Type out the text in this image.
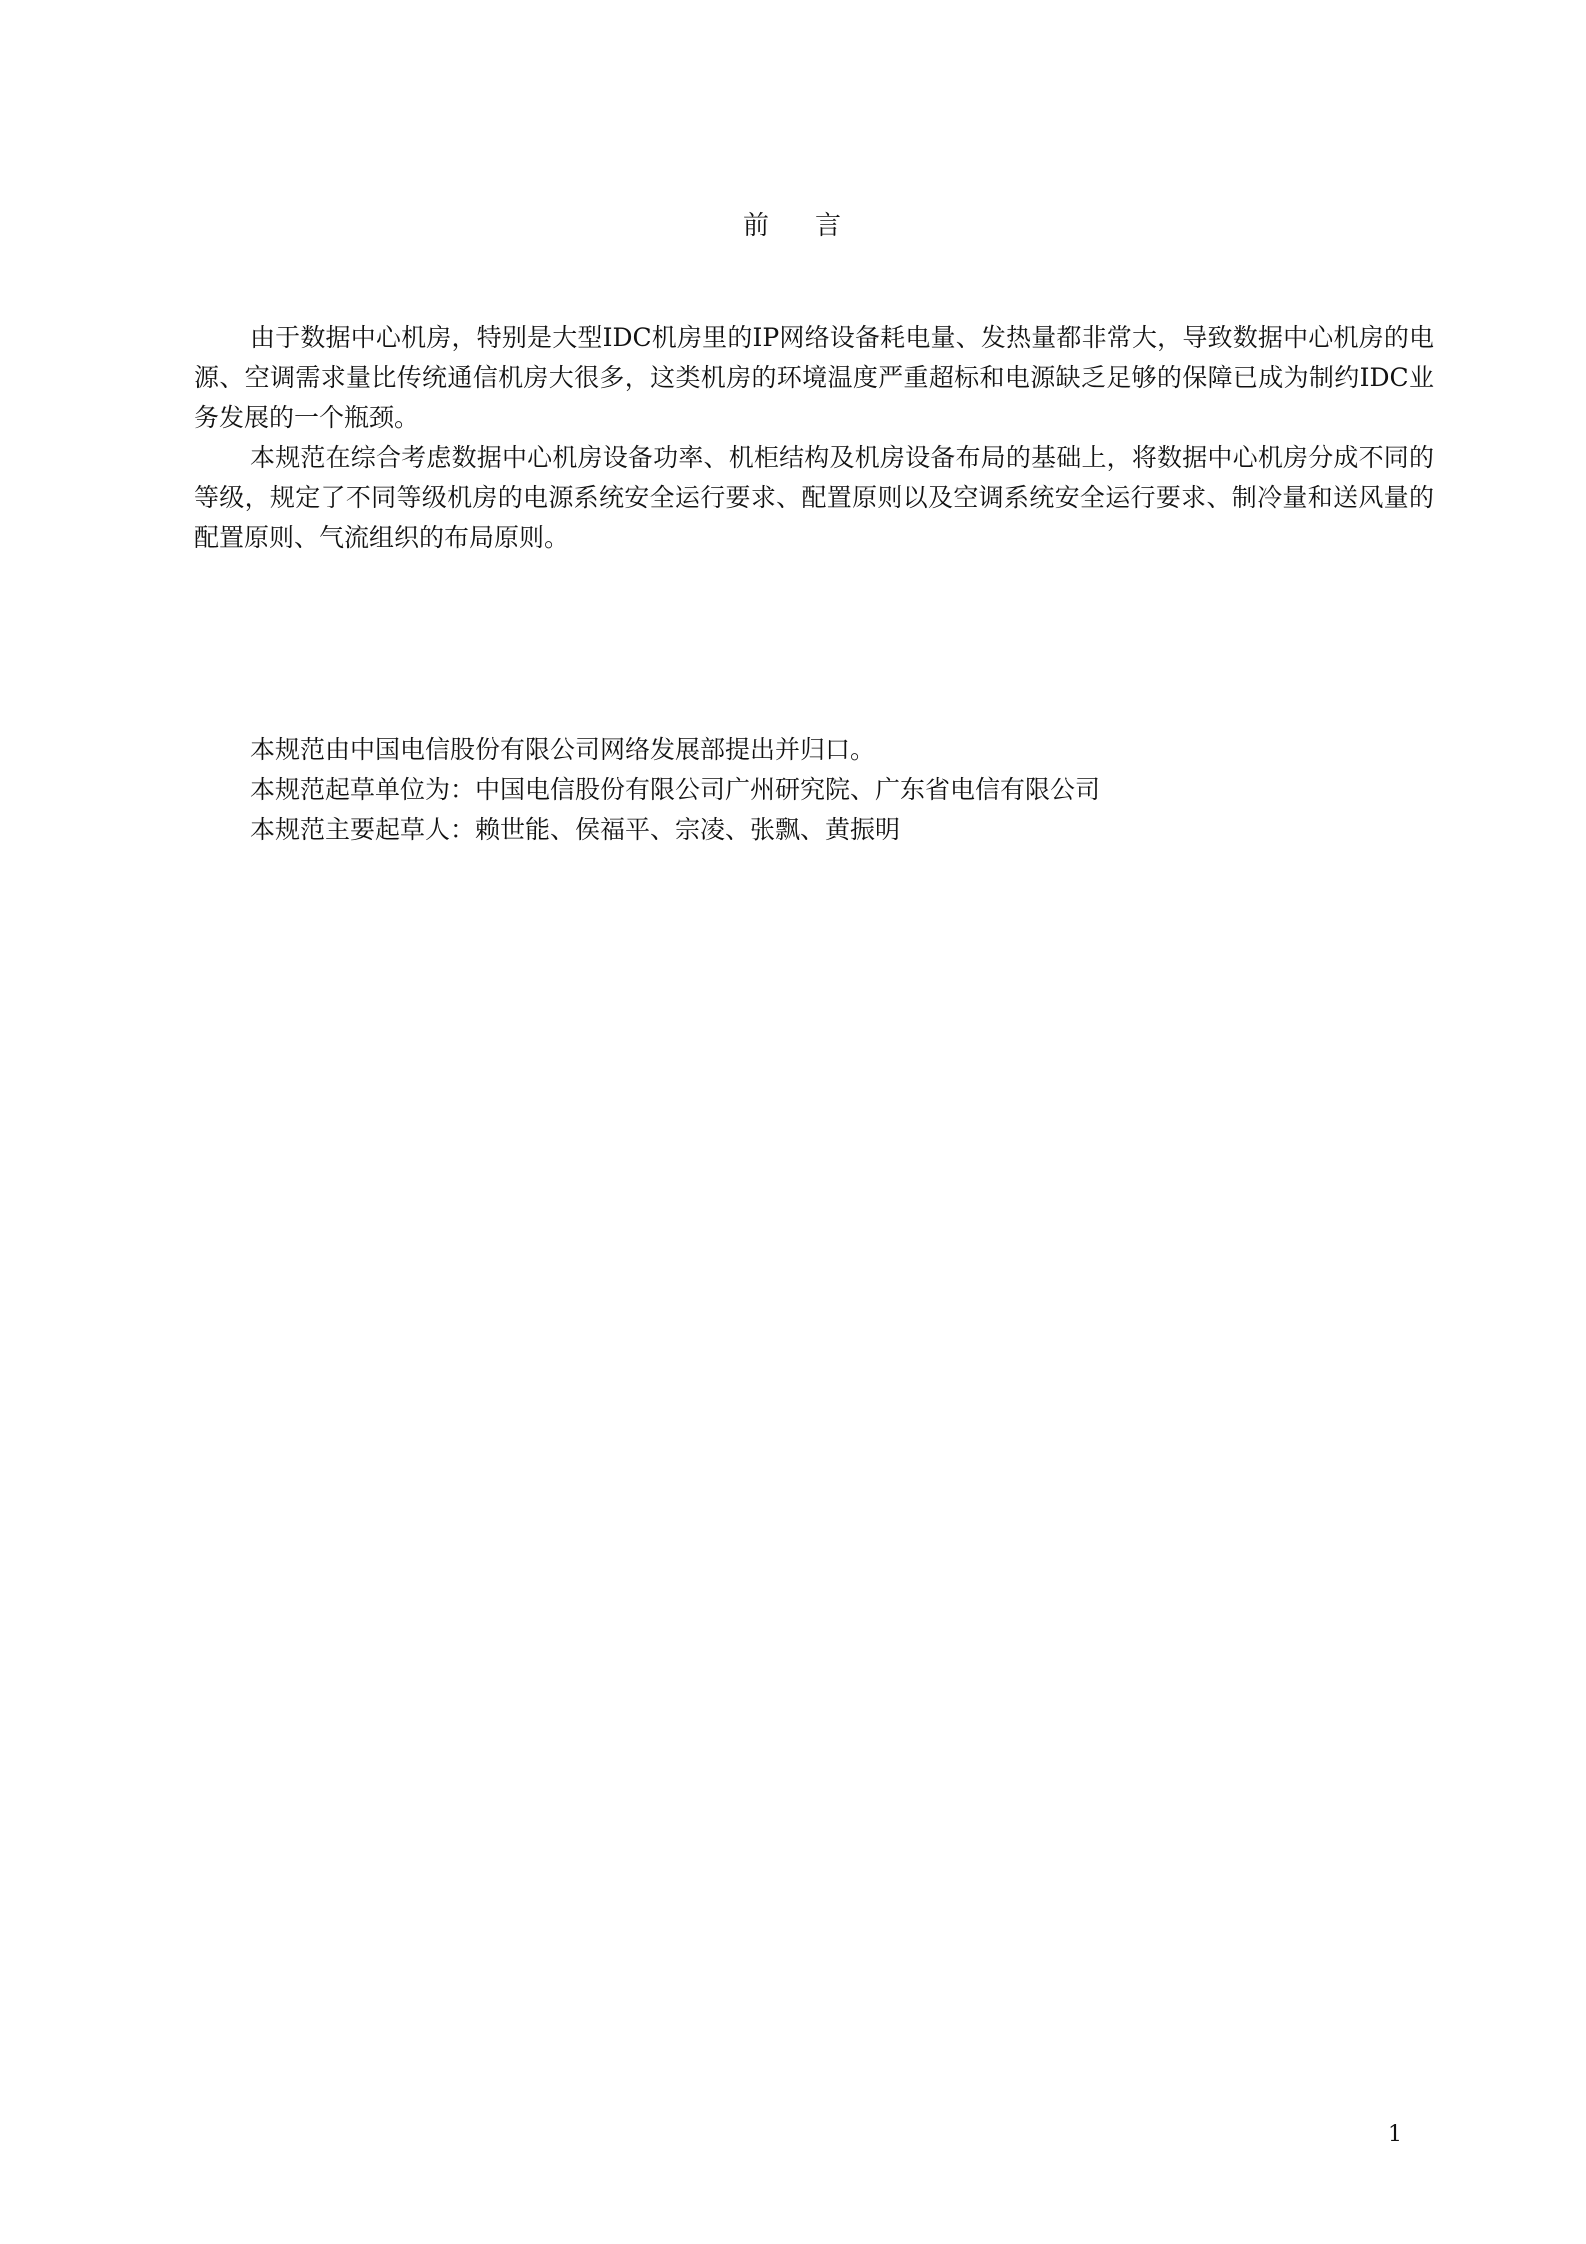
前 言

由于数据中心机房，特别是大型IDC机房里的IP网络设备耗电量、发热量都非常大，导致数据中心机房的电源、空调需求量比传统通信机房大很多，这类机房的环境温度严重超标和电源缺乏足够的保障已成为制约IDC业务发展的一个瓶颈。

本规范在综合考虑数据中心机房设备功率、机柜结构及机房设备布局的基础上，将数据中心机房分成不同的等级，规定了不同等级机房的电源系统安全运行要求、配置原则以及空调系统安全运行要求、制冷量和送风量的配置原则、气流组织的布局原则。

本规范由中国电信股份有限公司网络发展部提出并归口。

本规范起草单位为：中国电信股份有限公司广州研究院、广东省电信有限公司

本规范主要起草人：赖世能、侯福平、宗凌、张飘、黄振明

1
